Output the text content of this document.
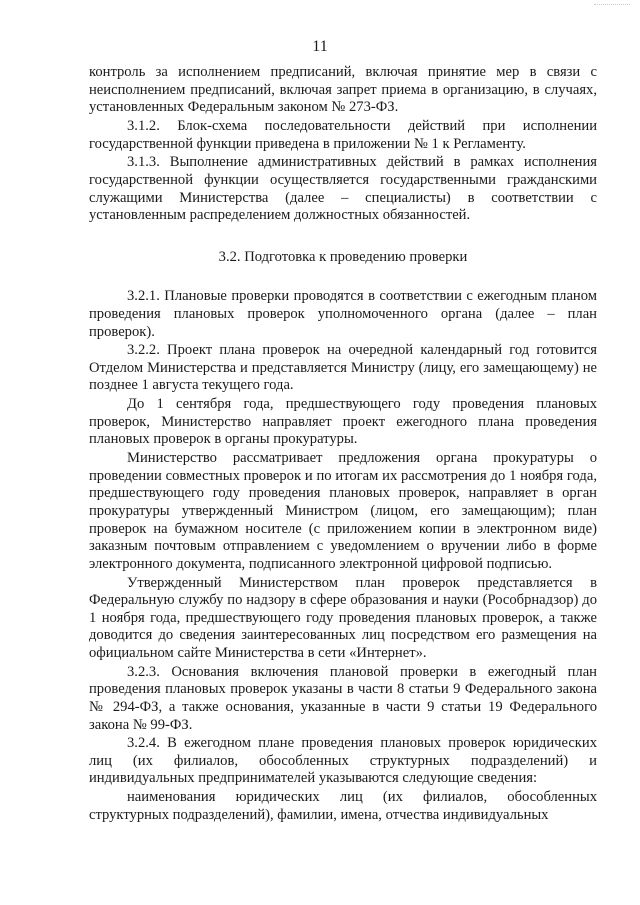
11

контроль за исполнением предписаний, включая принятие мер в связи с неисполнением предписаний, включая запрет приема в организацию, в случаях, установленных Федеральным законом № 273-ФЗ.

3.1.2. Блок-схема последовательности действий при исполнении государственной функции приведена в приложении № 1 к Регламенту.

3.1.3. Выполнение административных действий в рамках исполнения государственной функции осуществляется государственными гражданскими служащими Министерства (далее – специалисты) в соответствии с установленным распределением должностных обязанностей.

3.2. Подготовка к проведению проверки

3.2.1. Плановые проверки проводятся в соответствии с ежегодным планом проведения плановых проверок уполномоченного органа (далее – план проверок).

3.2.2. Проект плана проверок на очередной календарный год готовится Отделом Министерства и представляется Министру (лицу, его замещающему) не позднее 1 августа текущего года.

До 1 сентября года, предшествующего году проведения плановых проверок, Министерство направляет проект ежегодного плана проведения плановых проверок в органы прокуратуры.

Министерство рассматривает предложения органа прокуратуры о проведении совместных проверок и по итогам их рассмотрения до 1 ноября года, предшествующего году проведения плановых проверок, направляет в орган прокуратуры утвержденный Министром (лицом, его замещающим); план проверок на бумажном носителе (с приложением копии в электронном виде) заказным почтовым отправлением с уведомлением о вручении либо в форме электронного документа, подписанного электронной цифровой подписью.

Утвержденный Министерством план проверок представляется в Федеральную службу по надзору в сфере образования и науки (Рособрнадзор) до 1 ноября года, предшествующего году проведения плановых проверок, а также доводится до сведения заинтересованных лиц посредством его размещения на официальном сайте Министерства в сети «Интернет».

3.2.3. Основания включения плановой проверки в ежегодный план проведения плановых проверок указаны в части 8 статьи 9 Федерального закона № 294-ФЗ, а также основания, указанные в части 9 статьи 19 Федерального закона № 99-ФЗ.

3.2.4. В ежегодном плане проведения плановых проверок юридических лиц (их филиалов, обособленных структурных подразделений) и индивидуальных предпринимателей указываются следующие сведения:

наименования юридических лиц (их филиалов, обособленных структурных подразделений), фамилии, имена, отчества индивидуальных
